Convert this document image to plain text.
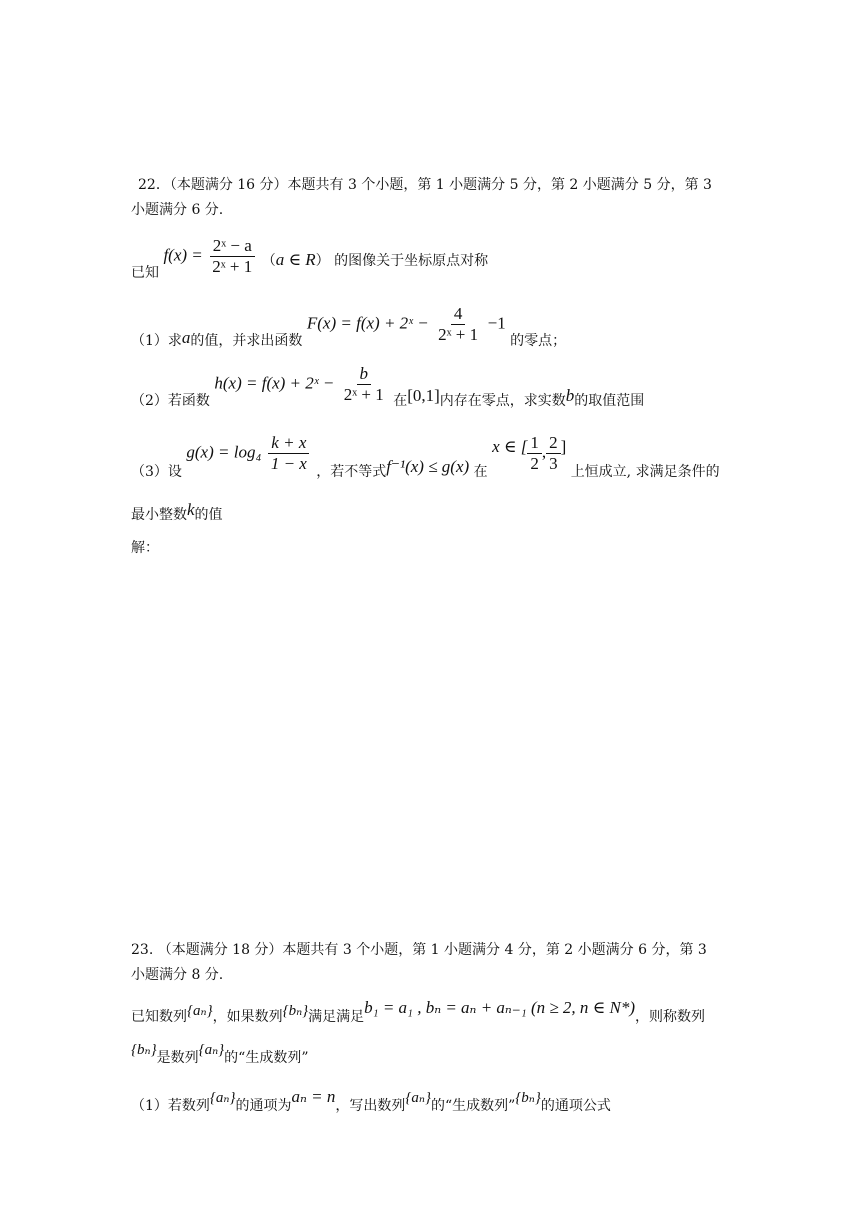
22．（本题满分 16 分）本题共有 3 个小题，第 1 小题满分 5 分，第 2 小题满分 5 分，第 3
小题满分 6 分.
已知 $f(x) = \frac{\text{2ˣ − a}}{\text{2ˣ + 1}} (a$ ∈ R） 的图像关于坐标原点对称
（1）求a的值，并求出函数 F(x) = f(x) + 2ˣ − $\frac{4}{\text{2ˣ + 1}} -1$ 的零点；
（2）若函数 h(x) = f(x) + 2ˣ − $\frac{b}{\text{2ˣ + 1}}$ 在[0,1]内存在零点，求实数b的取值范围
（3）设 $g(x) = \log_4 \frac{k + x}{1 - x}$ ，若不等式f⁻¹(x) ≤ g(x) 在 x ∈ [ $\frac{1}{2}$ , $\frac{2}{3}$ ] 上恒成立, 求满足条件的
最小整数k的值
解：
23. （本题满分 18 分）本题共有 3 个小题，第 1 小题满分 4 分，第 2 小题满分 6 分，第 3
小题满分 8 分.
已知数列{aₙ}，如果数列{bₙ}满足满足b₁ = a₁ , bₙ = aₙ + aₙ₋₁ (n ≥ 2, n ∈ N*)，则称数列
{bₙ}是数列{aₙ}的“生成数列”
（1）若数列{aₙ}的通项为aₙ = n，写出数列{aₙ}的“生成数列”{bₙ}的通项公式
